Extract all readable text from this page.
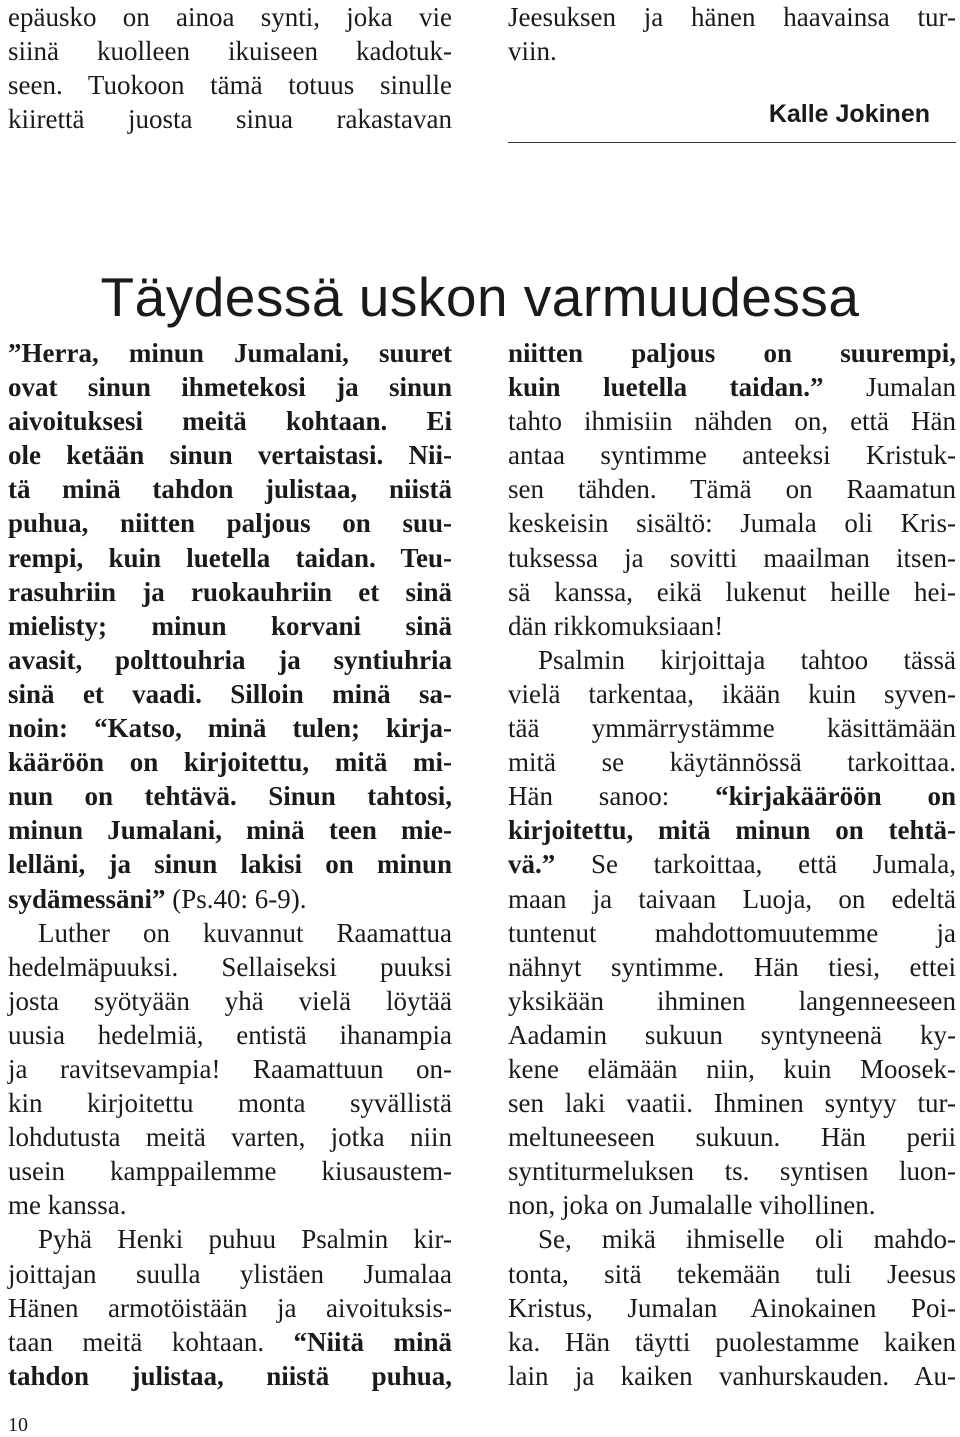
epäusko on ainoa synti, joka vie
siinä kuolleen ikuiseen kadotuk-
seen. Tuokoon tämä totuus sinulle
kiirettä juosta sinua rakastavan
Jeesuksen ja hänen haavainsa tur-
viin.
Kalle Jokinen
Täydessä uskon varmuudessa
”Herra, minun Jumalani, suuret
ovat sinun ihmetekosi ja sinun
aivoituksesi meitä kohtaan. Ei
ole ketään sinun vertaistasi. Nii-
tä minä tahdon julistaa, niistä
puhua, niitten paljous on suu-
rempi, kuin luetella taidan. Teu-
rasuhriin ja ruokauhriin et sinä
mielisty; minun korvani sinä
avasit, polttouhria ja syntiuhria
sinä et vaadi. Silloin minä sa-
noin: “Katso, minä tulen; kirja-
kääröön on kirjoitettu, mitä mi-
nun on tehtävä. Sinun tahtosi,
minun Jumalani, minä teen mie-
lelläni, ja sinun lakisi on minun
sydämessäni” (Ps.40: 6-9).
Luther on kuvannut Raamattua
hedelmäpuuksi. Sellaiseksi puuksi
josta syötyään yhä vielä löytää
uusia hedelmiä, entistä ihanampia
ja ravitsevampia! Raamattuun on-
kin kirjoitettu monta syvällistä
lohdutusta meitä varten, jotka niin
usein kamppailemme kiusaustem-
me kanssa.
Pyhä Henki puhuu Psalmin kir-
joittajan suulla ylistäen Jumalaa
Hänen armotöistään ja aivoituksis-
taan meitä kohtaan. “Niitä minä
tahdon julistaa, niistä puhua,
niitten paljous on suurempi,
kuin luetella taidan.” Jumalan
tahto ihmisiin nähden on, että Hän
antaa syntimme anteeksi Kristuk-
sen tähden. Tämä on Raamatun
keskeisin sisältö: Jumala oli Kris-
tuksessa ja sovitti maailman itsen-
sä kanssa, eikä lukenut heille hei-
dän rikkomuksiaan!
Psalmin kirjoittaja tahtoo tässä
vielä tarkentaa, ikään kuin syven-
tää ymmärrystämme käsittämään
mitä se käytännössä tarkoittaa.
Hän sanoo: “kirjakääröön on
kirjoitettu, mitä minun on tehtä-
vä.” Se tarkoittaa, että Jumala,
maan ja taivaan Luoja, on edeltä
tuntenut mahdottomuutemme ja
nähnyt syntimme. Hän tiesi, ettei
yksikään ihminen langenneeseen
Aadamin sukuun syntyneenä ky-
kene elämään niin, kuin Moosek-
sen laki vaatii. Ihminen syntyy tur-
meltuneeseen sukuun. Hän perii
syntiturmeluksen ts. syntisen luon-
non, joka on Jumalalle vihollinen.
Se, mikä ihmiselle oli mahdo-
tonta, sitä tekemään tuli Jeesus
Kristus, Jumalan Ainokainen Poi-
ka. Hän täytti puolestamme kaiken
lain ja kaiken vanhurskauden. Au-
10
